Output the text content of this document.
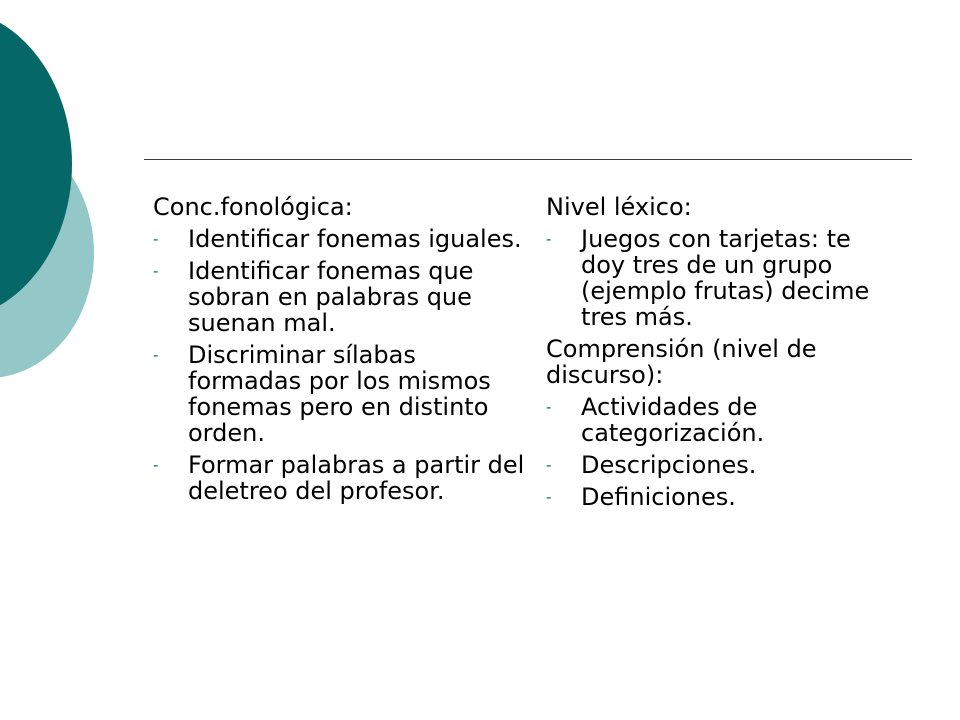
Conc.fonológica:
- Identificar fonemas iguales.
- Identificar fonemas que sobran en palabras que suenan mal.
- Discriminar sílabas formadas por los mismos fonemas pero en distinto orden.
- Formar palabras a partir del deletreo del profesor.
Nivel léxico:
- Juegos con tarjetas: te doy tres de un grupo (ejemplo frutas) decime tres más.
Comprensión (nivel de discurso):
- Actividades de categorización.
- Descripciones.
- Definiciones.
